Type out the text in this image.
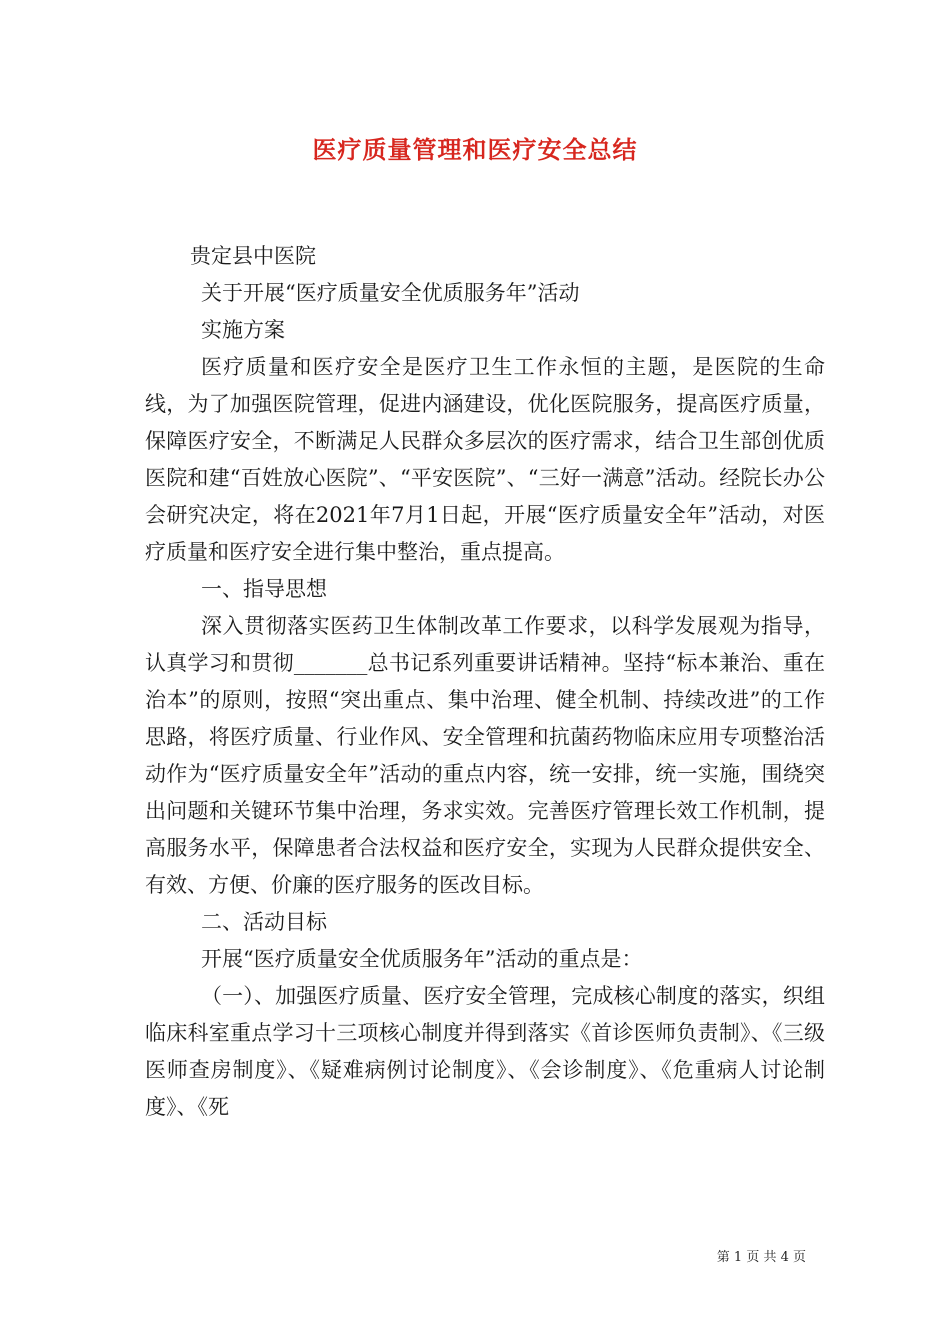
医疗质量管理和医疗安全总结

贵定县中医院

关于开展“医疗质量安全优质服务年”活动

实施方案

医疗质量和医疗安全是医疗卫生工作永恒的主题，是医院的生命线，为了加强医院管理，促进内涵建设，优化医院服务，提高医疗质量，保障医疗安全，不断满足人民群众多层次的医疗需求，结合卫生部创优质医院和建“百姓放心医院”、“平安医院”、“三好一满意”活动。经院长办公会研究决定，将在2021年7月1日起，开展“医疗质量安全年”活动，对医疗质量和医疗安全进行集中整治，重点提高。

一、指导思想

深入贯彻落实医药卫生体制改革工作要求，以科学发展观为指导，认真学习和贯彻_______总书记系列重要讲话精神。坚持“标本兼治、重在治本”的原则，按照“突出重点、集中治理、健全机制、持续改进”的工作思路，将医疗质量、行业作风、安全管理和抗菌药物临床应用专项整治活动作为“医疗质量安全年”活动的重点内容，统一安排，统一实施，围绕突出问题和关键环节集中治理，务求实效。完善医疗管理长效工作机制，提高服务水平，保障患者合法权益和医疗安全，实现为人民群众提供安全、有效、方便、价廉的医疗服务的医改目标。

二、活动目标

开展“医疗质量安全优质服务年”活动的重点是：

（一）、加强医疗质量、医疗安全管理，完成核心制度的落实，织组临床科室重点学习十三项核心制度并得到落实《首诊医师负责制》、《三级医师查房制度》、《疑难病例讨论制度》、《会诊制度》、《危重病人讨论制度》、《死

第 1 页 共 4 页
